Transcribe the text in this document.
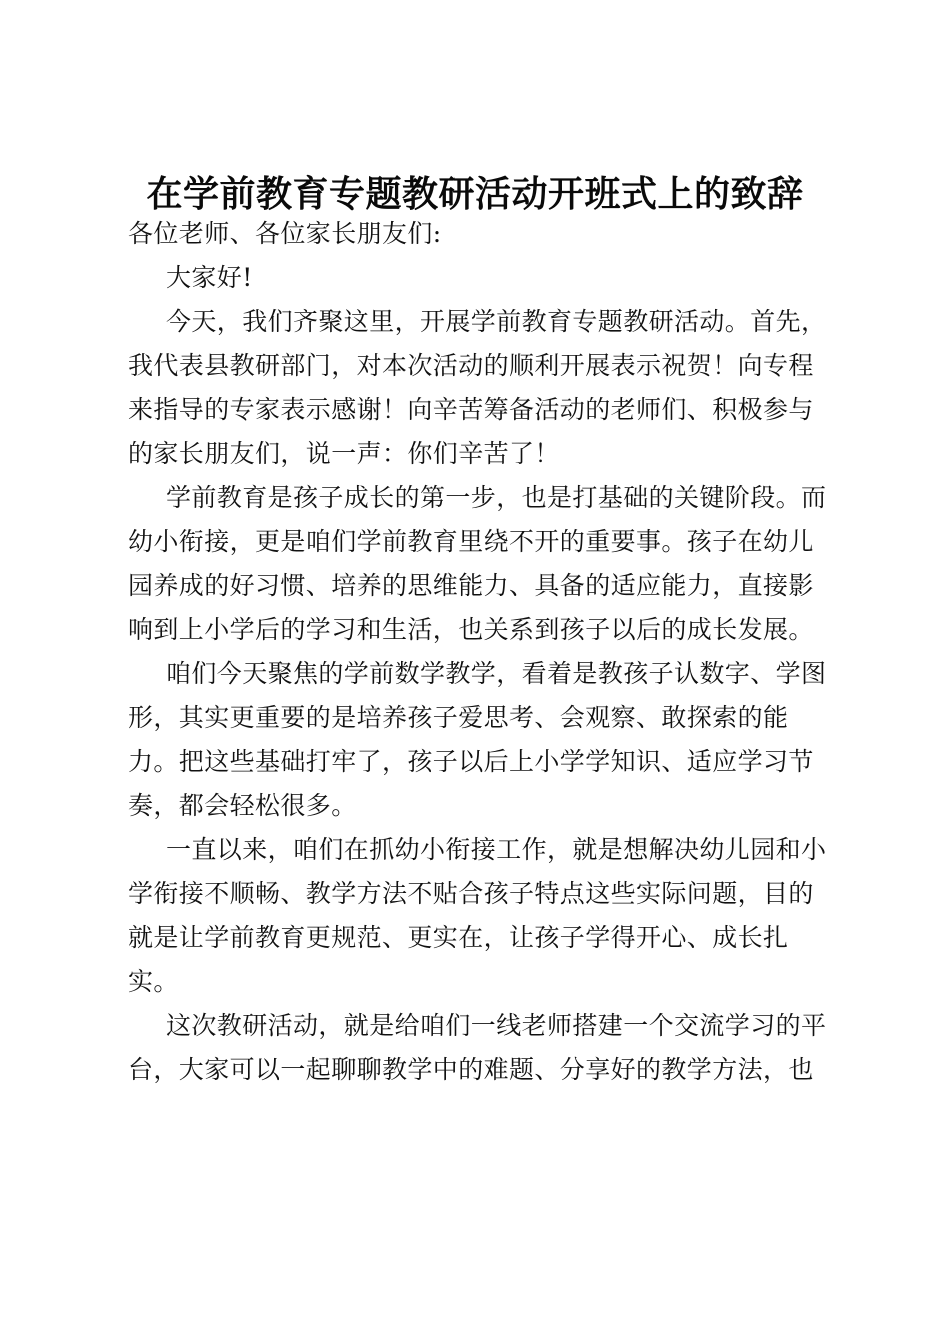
在学前教育专题教研活动开班式上的致辞
各位老师、各位家长朋友们:
大家好!
今天，我们齐聚这里，开展学前教育专题教研活动。首先，
我代表县教研部门，对本次活动的顺利开展表示祝贺！向专程
来指导的专家表示感谢！向辛苦筹备活动的老师们、积极参与
的家长朋友们，说一声：你们辛苦了！
学前教育是孩子成长的第一步，也是打基础的关键阶段。而
幼小衔接，更是咱们学前教育里绕不开的重要事。孩子在幼儿
园养成的好习惯、培养的思维能力、具备的适应能力，直接影
响到上小学后的学习和生活，也关系到孩子以后的成长发展。
咱们今天聚焦的学前数学教学，看着是教孩子认数字、学图
形，其实更重要的是培养孩子爱思考、会观察、敢探索的能
力。把这些基础打牢了，孩子以后上小学学知识、适应学习节
奏，都会轻松很多。
一直以来，咱们在抓幼小衔接工作，就是想解决幼儿园和小
学衔接不顺畅、教学方法不贴合孩子特点这些实际问题，目的
就是让学前教育更规范、更实在，让孩子学得开心、成长扎
实。
这次教研活动，就是给咱们一线老师搭建一个交流学习的平
台，大家可以一起聊聊教学中的难题、分享好的教学方法，也
